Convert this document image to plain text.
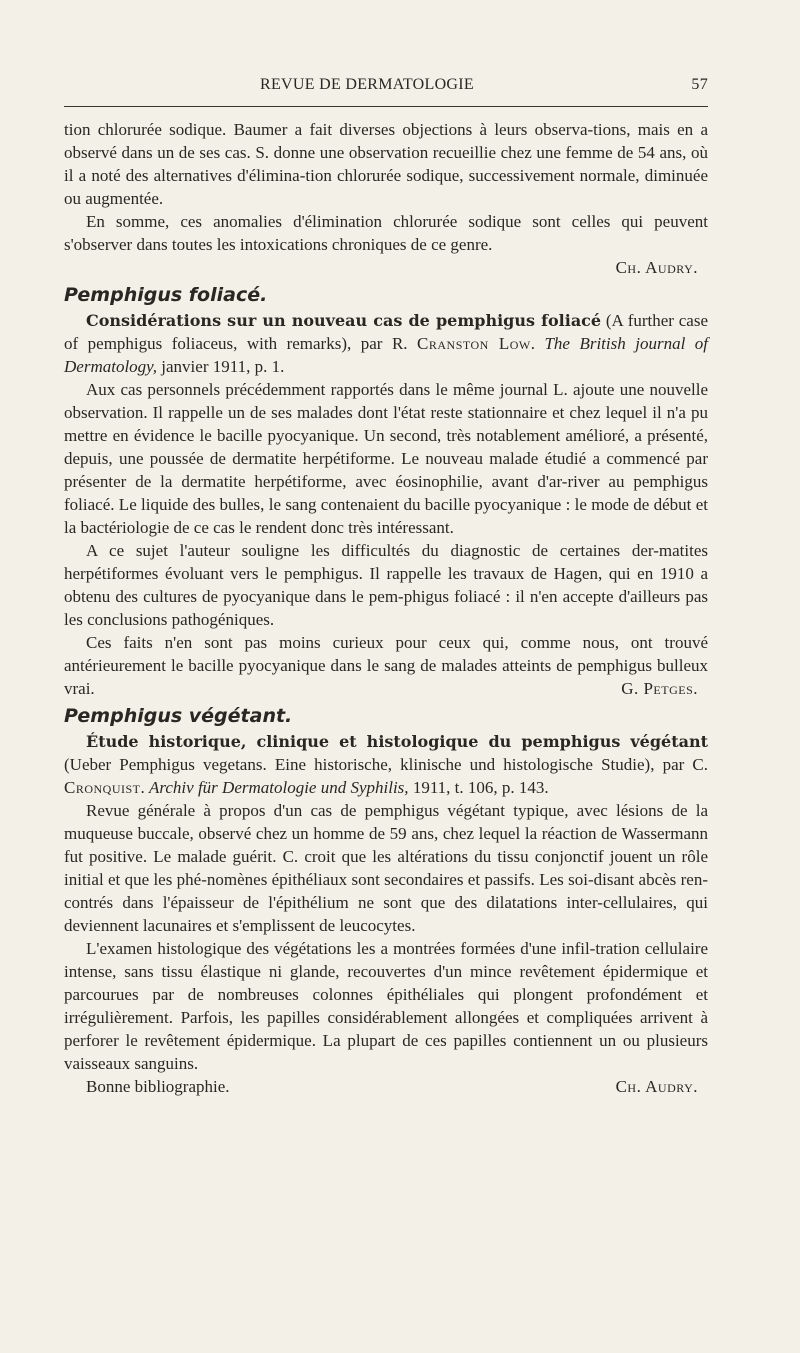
REVUE DE DERMATOLOGIE	57

tion chlorurée sodique. Baumer a fait diverses objections à leurs observa-tions, mais en a observé dans un de ses cas. S. donne une observation recueillie chez une femme de 54 ans, où il a noté des alternatives d'élimina-tion chlorurée sodique, successivement normale, diminuée ou augmentée.

En somme, ces anomalies d'élimination chlorurée sodique sont celles qui peuvent s'observer dans toutes les intoxications chroniques de ce genre.

Ch. Audry.

Pemphigus foliacé.

Considérations sur un nouveau cas de pemphigus foliacé (A further case of pemphigus foliaceus, with remarks), par R. Cranston Low. The British journal of Dermatology, janvier 1911, p. 1.

Aux cas personnels précédemment rapportés dans le même journal L. ajoute une nouvelle observation. Il rappelle un de ses malades dont l'état reste stationnaire et chez lequel il n'a pu mettre en évidence le bacille pyocyanique. Un second, très notablement amélioré, a présenté, depuis, une poussée de dermatite herpétiforme. Le nouveau malade étudié a commencé par présenter de la dermatite herpétiforme, avec éosinophilie, avant d'ar-river au pemphigus foliacé. Le liquide des bulles, le sang contenaient du bacille pyocyanique : le mode de début et la bactériologie de ce cas le rendent donc très intéressant.

A ce sujet l'auteur souligne les difficultés du diagnostic de certaines der-matites herpétiformes évoluant vers le pemphigus. Il rappelle les travaux de Hagen, qui en 1910 a obtenu des cultures de pyocyanique dans le pem-phigus foliacé : il n'en accepte d'ailleurs pas les conclusions pathogéniques.

Ces faits n'en sont pas moins curieux pour ceux qui, comme nous, ont trouvé antérieurement le bacille pyocyanique dans le sang de malades atteints de pemphigus bulleux vrai.	G. Petges.

Pemphigus végétant.

Étude historique, clinique et histologique du pemphigus végétant (Ueber Pemphigus vegetans. Eine historische, klinische und histologische Studie), par C. Cronquist. Archiv für Dermatologie und Syphilis, 1911, t. 106, p. 143.

Revue générale à propos d'un cas de pemphigus végétant typique, avec lésions de la muqueuse buccale, observé chez un homme de 59 ans, chez lequel la réaction de Wassermann fut positive. Le malade guérit. C. croit que les altérations du tissu conjonctif jouent un rôle initial et que les phé-nomènes épithéliaux sont secondaires et passifs. Les soi-disant abcès ren-contrés dans l'épaisseur de l'épithélium ne sont que des dilatations inter-cellulaires, qui deviennent lacunaires et s'emplissent de leucocytes.

L'examen histologique des végétations les a montrées formées d'une infil-tration cellulaire intense, sans tissu élastique ni glande, recouvertes d'un mince revêtement épidermique et parcourues par de nombreuses colonnes épithéliales qui plongent profondément et irrégulièrement. Parfois, les papilles considérablement allongées et compliquées arrivent à perforer le revêtement épidermique. La plupart de ces papilles contiennent un ou plusieurs vaisseaux sanguins.

Bonne bibliographie.	Ch. Audry.
